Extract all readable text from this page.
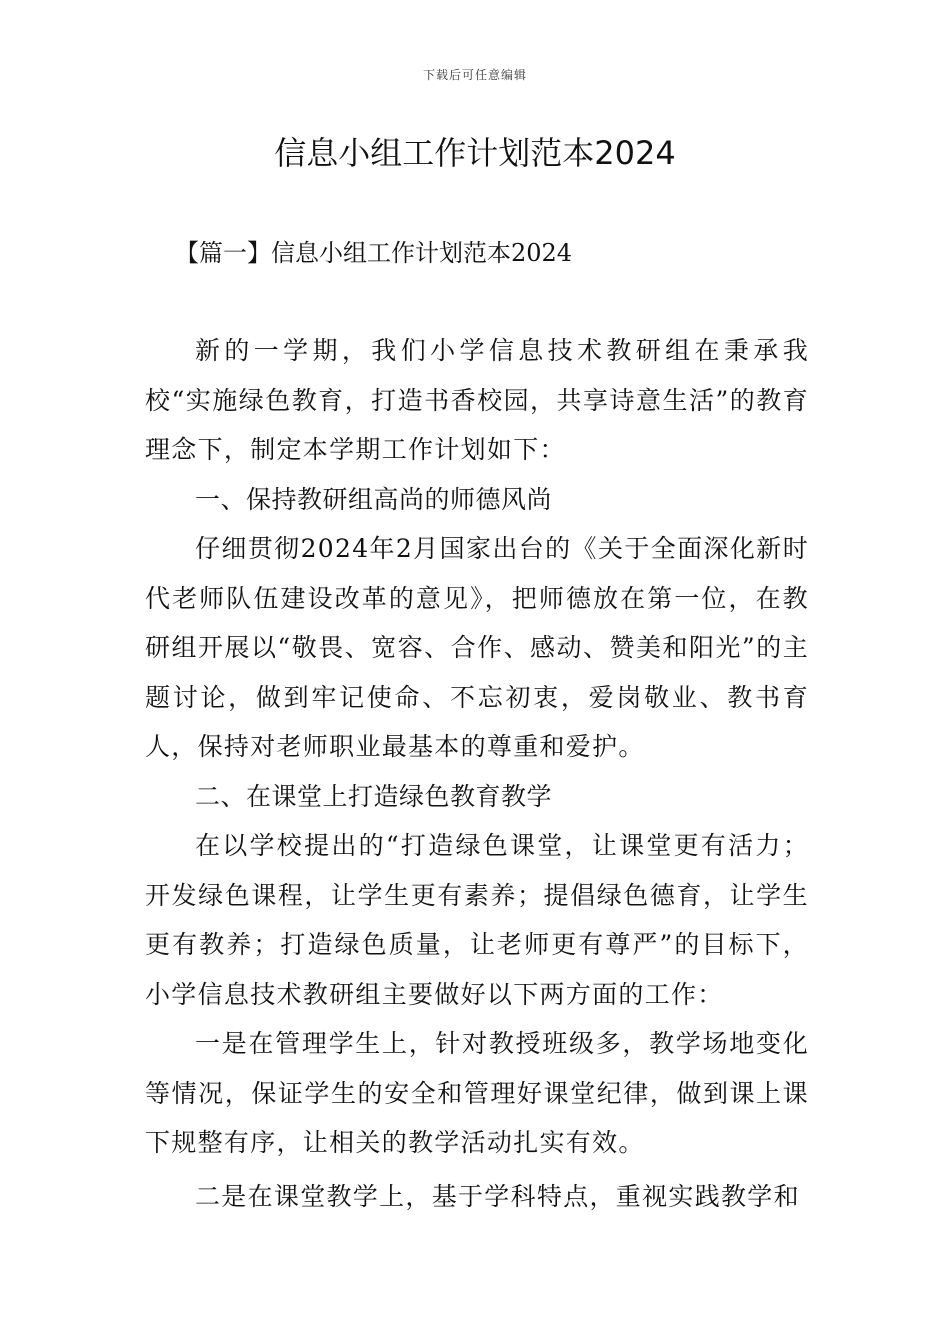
下载后可任意编辑
信息小组工作计划范本2024
【篇一】信息小组工作计划范本2024

新的一学期，我们小学信息技术教研组在秉承我校“实施绿色教育，打造书香校园，共享诗意生活”的教育理念下，制定本学期工作计划如下：

一、保持教研组高尚的师德风尚

仔细贯彻2024年2月国家出台的《关于全面深化新时代老师队伍建设改革的意见》，把师德放在第一位，在教研组开展以“敬畏、宽容、合作、感动、赞美和阳光”的主题讨论，做到牢记使命、不忘初衷，爱岗敬业、教书育人，保持对老师职业最基本的尊重和爱护。

二、在课堂上打造绿色教育教学

在以学校提出的“打造绿色课堂，让课堂更有活力；开发绿色课程，让学生更有素养；提倡绿色德育，让学生更有教养；打造绿色质量，让老师更有尊严”的目标下，小学信息技术教研组主要做好以下两方面的工作：

一是在管理学生上，针对教授班级多，教学场地变化等情况，保证学生的安全和管理好课堂纪律，做到课上课下规整有序，让相关的教学活动扎实有效。

二是在课堂教学上，基于学科特点，重视实践教学和
